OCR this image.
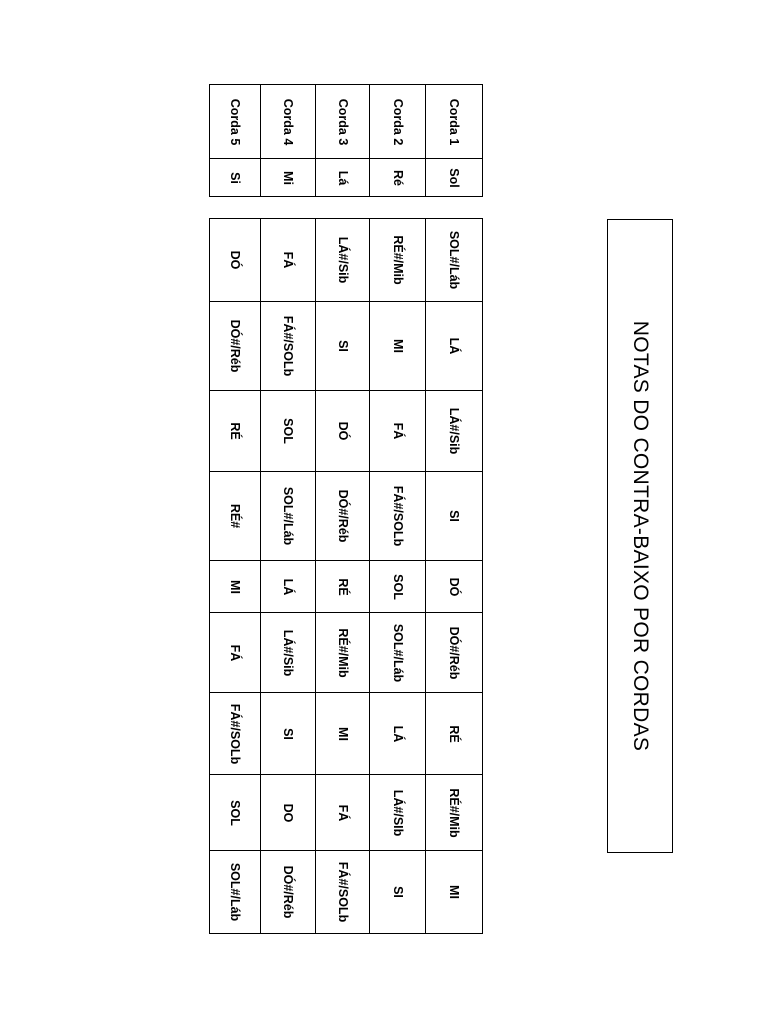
NOTAS DO CONTRA-BAIXO POR CORDAS
Corda 5	Corda 4	Corda 3	Corda 2	Corda 1

Si	Mi	Lá	Ré	Sol
DÓ	FÁ	LÁ#/Sib	RÉ#/Mib	SOL#/Láb

DÓ#/Réb	FÁ#/SOLb	SI	MI	LÁ

RÉ	SOL	DÓ	FÁ	LÁ#/Sib

RÉ#	SOL#/Láb	DÓ#/Réb	FÁ#/SOLb	SI

MI	LÁ	RÉ	SOL	DÓ

FÁ	LÁ#/Sib	RÉ#/Mib	SOL#/Láb	DÓ#/Réb

FÁ#/SOLb	SI	MI	LÁ	RÉ

SOL	DO	FÁ	LÁ#/SIb	RÉ#/Mib

SOL#/Láb	DÓ#/Réb	FÁ#/SOLb	SI	MI
